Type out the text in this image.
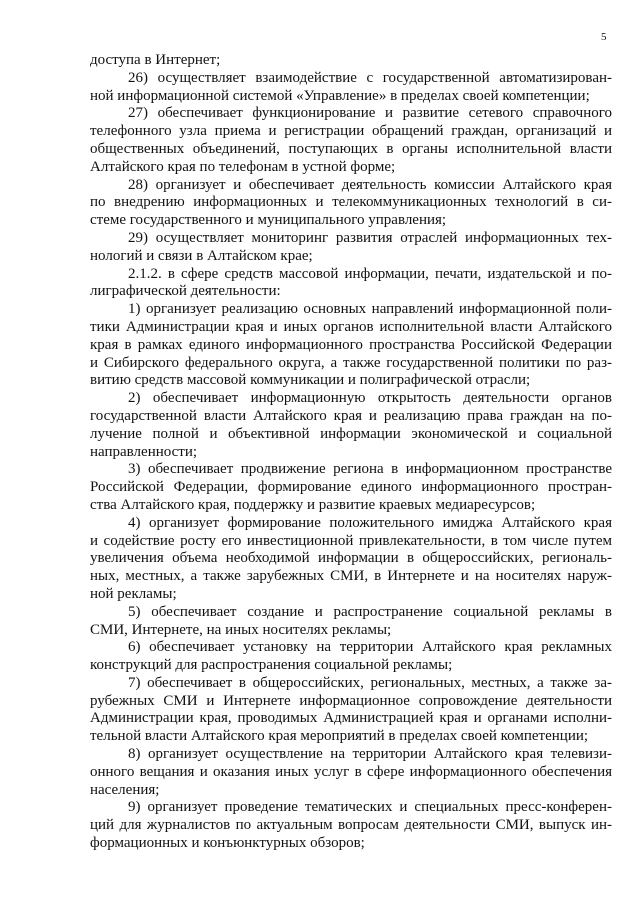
5

доступа в Интернет;

26) осуществляет взаимодействие с государственной автоматизирован-
ной информационной системой «Управление» в пределах своей компетенции;

27) обеспечивает функционирование и развитие сетевого справочного
телефонного узла приема и регистрации обращений граждан, организаций и
общественных объединений, поступающих в органы исполнительной власти
Алтайского края по телефонам в устной форме;

28) организует и обеспечивает деятельность комиссии Алтайского края
по внедрению информационных и телекоммуникационных технологий в си-
стеме государственного и муниципального управления;

29) осуществляет мониторинг развития отраслей информационных тех-
нологий и связи в Алтайском крае;

2.1.2. в сфере средств массовой информации, печати, издательской и по-
лиграфической деятельности:

1) организует реализацию основных направлений информационной поли-
тики Администрации края и иных органов исполнительной власти Алтайского
края в рамках единого информационного пространства Российской Федерации
и Сибирского федерального округа, а также государственной политики по раз-
витию средств массовой коммуникации и полиграфической отрасли;

2) обеспечивает информационную открытость деятельности органов
государственной власти Алтайского края и реализацию права граждан на по-
лучение полной и объективной информации экономической и социальной
направленности;

3) обеспечивает продвижение региона в информационном пространстве
Российской Федерации, формирование единого информационного простран-
ства Алтайского края, поддержку и развитие краевых медиаресурсов;

4) организует формирование положительного имиджа Алтайского края
и содействие росту его инвестиционной привлекательности, в том числе путем
увеличения объема необходимой информации в общероссийских, региональ-
ных, местных, а также зарубежных СМИ, в Интернете и на носителях наруж-
ной рекламы;

5) обеспечивает создание и распространение социальной рекламы в
СМИ, Интернете, на иных носителях рекламы;

6) обеспечивает установку на территории Алтайского края рекламных
конструкций для распространения социальной рекламы;

7) обеспечивает в общероссийских, региональных, местных, а также за-
рубежных СМИ и Интернете информационное сопровождение деятельности
Администрации края, проводимых Администрацией края и органами исполни-
тельной власти Алтайского края мероприятий в пределах своей компетенции;

8) организует осуществление на территории Алтайского края телевизи-
онного вещания и оказания иных услуг в сфере информационного обеспечения
населения;

9) организует проведение тематических и специальных пресс-конферен-
ций для журналистов по актуальным вопросам деятельности СМИ, выпуск ин-
формационных и конъюнктурных обзоров;
